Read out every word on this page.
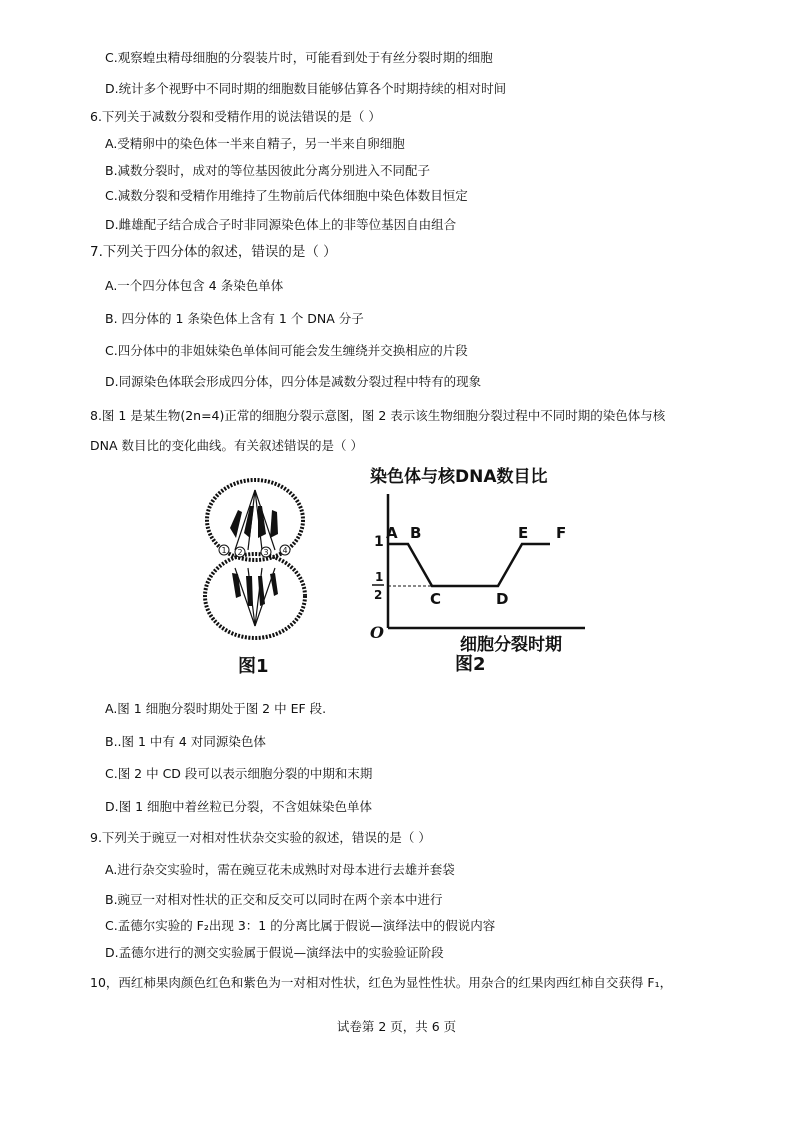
C.观察蝗虫精母细胞的分裂装片时，可能看到处于有丝分裂时期的细胞
D.统计多个视野中不同时期的细胞数目能够估算各个时期持续的相对时间
6.下列关于减数分裂和受精作用的说法错误的是（ ）
A.受精卵中的染色体一半来自精子，另一半来自卵细胞
B.减数分裂时，成对的等位基因彼此分离分别进入不同配子
C.减数分裂和受精作用维持了生物前后代体细胞中染色体数目恒定
D.雌雄配子结合成合子时非同源染色体上的非等位基因自由组合
7.下列关于四分体的叙述，错误的是（ ）
A.一个四分体包含 4 条染色单体
B. 四分体的 1 条染色体上含有 1 个 DNA 分子
C.四分体中的非姐妹染色单体间可能会发生缠绕并交换相应的片段
D.同源染色体联会形成四分体，四分体是减数分裂过程中特有的现象
8.图 1 是某生物(2n=4)正常的细胞分裂示意图，图 2 表示该生物细胞分裂过程中不同时期的染色体与核
DNA 数目比的变化曲线。有关叙述错误的是（ ）
1 2	3 4
图1
染色体与核DNA数目比
O
1
1
2
A B
C	D
E F
细胞分裂时期
图2
A.图 1 细胞分裂时期处于图 2 中 EF 段.
B..图 1 中有 4 对同源染色体
C.图 2 中 CD 段可以表示细胞分裂的中期和末期
D.图 1 细胞中着丝粒已分裂，不含姐妹染色单体
9.下列关于豌豆一对相对性状杂交实验的叙述，错误的是（ ）
A.进行杂交实验时，需在豌豆花未成熟时对母本进行去雄并套袋
B.豌豆一对相对性状的正交和反交可以同时在两个亲本中进行
C.孟德尔实验的 F₂出现 3：1 的分离比属于假说—演绎法中的假说内容
D.孟德尔进行的测交实验属于假说—演绎法中的实验验证阶段
10，西红柿果肉颜色红色和紫色为一对相对性状，红色为显性性状。用杂合的红果肉西红柿自交获得 F₁，
试卷第 2 页，共 6 页
